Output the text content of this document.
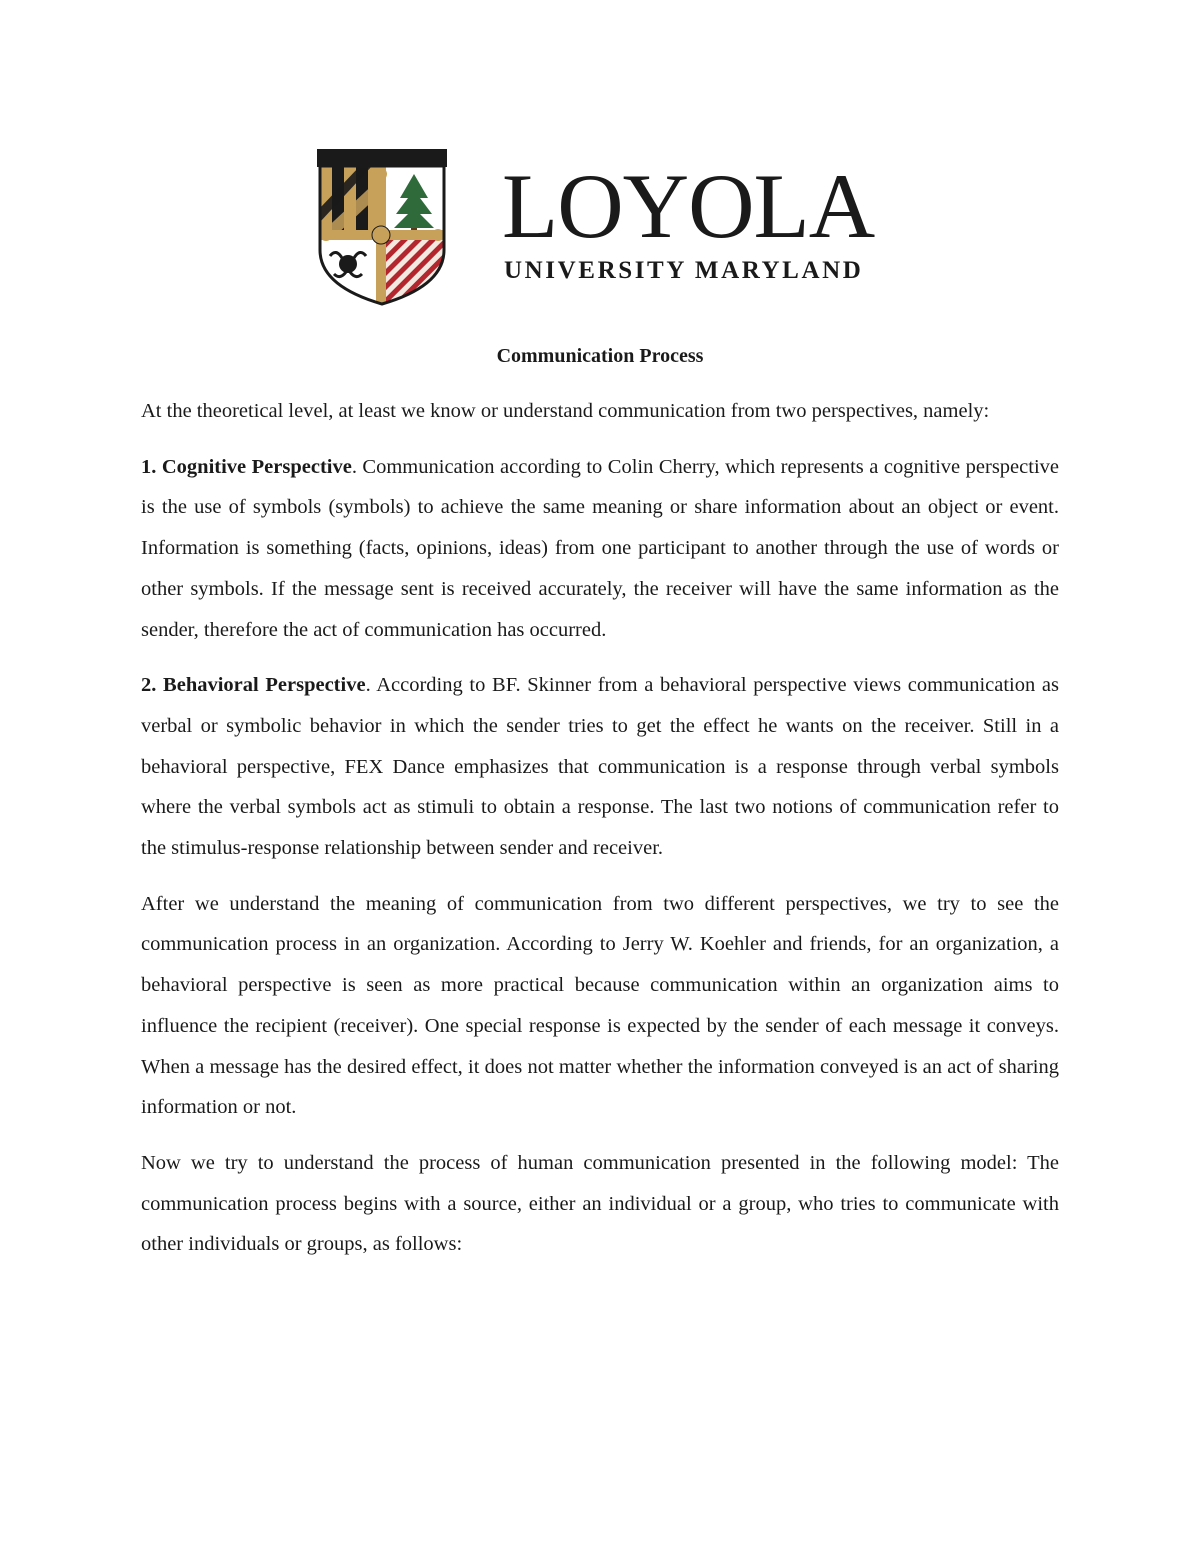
LOYOLA
UNIVERSITY MARYLAND
Communication Process

At the theoretical level, at least we know or understand communication from two perspectives, namely:

1. Cognitive Perspective. Communication according to Colin Cherry, which represents a cognitive perspective is the use of symbols (symbols) to achieve the same meaning or share information about an object or event. Information is something (facts, opinions, ideas) from one participant to another through the use of words or other symbols. If the message sent is received accurately, the receiver will have the same information as the sender, therefore the act of communication has occurred.

2. Behavioral Perspective. According to BF. Skinner from a behavioral perspective views communication as verbal or symbolic behavior in which the sender tries to get the effect he wants on the receiver. Still in a behavioral perspective, FEX Dance emphasizes that communication is a response through verbal symbols where the verbal symbols act as stimuli to obtain a response. The last two notions of communication refer to the stimulus-response relationship between sender and receiver.

After we understand the meaning of communication from two different perspectives, we try to see the communication process in an organization. According to Jerry W. Koehler and friends, for an organization, a behavioral perspective is seen as more practical because communication within an organization aims to influence the recipient (receiver). One special response is expected by the sender of each message it conveys. When a message has the desired effect, it does not matter whether the information conveyed is an act of sharing information or not.

Now we try to understand the process of human communication presented in the following model: The communication process begins with a source, either an individual or a group, who tries to communicate with other individuals or groups, as follows:
